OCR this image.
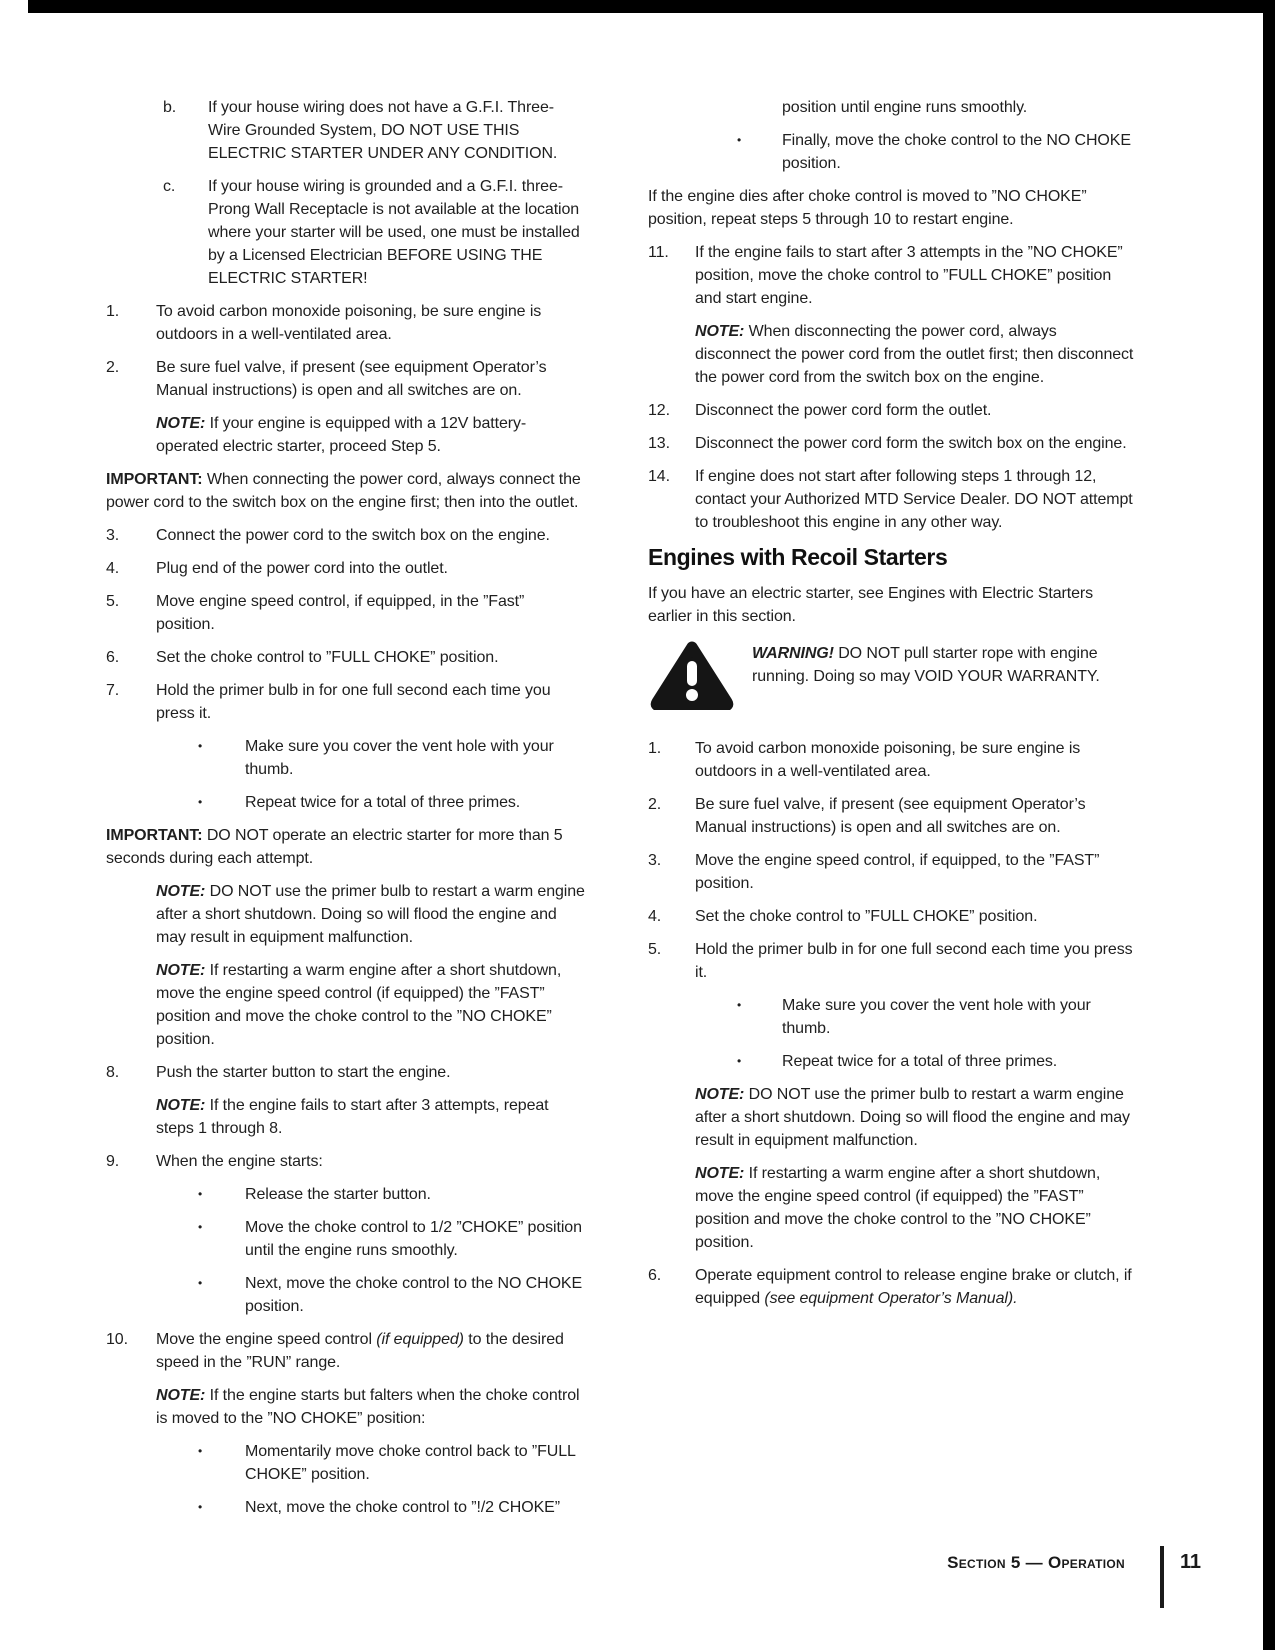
b.	If your house wiring does not have a G.F.I. Three-Wire Grounded System, DO NOT USE THIS ELECTRIC STARTER UNDER ANY CONDITION.
c.	If your house wiring is grounded and a G.F.I. three-Prong Wall Receptacle is not available at the location where your starter will be used, one must be installed by a Licensed Electrician BEFORE USING THE ELECTRIC STARTER!
1.	To avoid carbon monoxide poisoning, be sure engine is outdoors in a well-ventilated area.
2.	Be sure fuel valve, if present (see equipment Operator’s Manual instructions) is open and all switches are on.

NOTE: If your engine is equipped with a 12V battery-operated electric starter, proceed Step 5.

IMPORTANT: When connecting the power cord, always connect the power cord to the switch box on the engine first; then into the outlet.

3.	Connect the power cord to the switch box on the engine.
4.	Plug end of the power cord into the outlet.
5.	Move engine speed control, if equipped, in the ”Fast” position.
6.	Set the choke control to ”FULL CHOKE” position.
7.	Hold the primer bulb in for one full second each time you press it.
•	Make sure you cover the vent hole with your thumb.
•	Repeat twice for a total of three primes.

IMPORTANT: DO NOT operate an electric starter for more than 5 seconds during each attempt.

NOTE: DO NOT use the primer bulb to restart a warm engine after a short shutdown. Doing so will flood the engine and may result in equipment malfunction.

NOTE: If restarting a warm engine after a short shutdown, move the engine speed control (if equipped) the ”FAST” position and move the choke control to the ”NO CHOKE” position.

8.	Push the starter button to start the engine.

NOTE: If the engine fails to start after 3 attempts, repeat steps 1 through 8.

9.	When the engine starts:
•	Release the starter button.
•	Move the choke control to 1/2 ”CHOKE” position until the engine runs smoothly.
•	Next, move the choke control to the NO CHOKE position.
10.	Move the engine speed control (if equipped) to the desired speed in the ”RUN” range.

NOTE: If the engine starts but falters when the choke control is moved to the ”NO CHOKE” position:

•	Momentarily move choke control back to ”FULL CHOKE” position.
•	Next, move the choke control to ”!/2 CHOKE”

position until engine runs smoothly.

•	Finally, move the choke control to the NO CHOKE position.

If the engine dies after choke control is moved to ”NO CHOKE” position, repeat steps 5 through 10 to restart engine.

11.	If the engine fails to start after 3 attempts in the ”NO CHOKE” position, move the choke control to ”FULL CHOKE” position and start engine.

NOTE: When disconnecting the power cord, always disconnect the power cord from the outlet first; then disconnect the power cord from the switch box on the engine.

12.	Disconnect the power cord form the outlet.
13.	Disconnect the power cord form the switch box on the engine.
14.	If engine does not start after following steps 1 through 12, contact your Authorized MTD Service Dealer. DO NOT attempt to troubleshoot this engine in any other way.
Engines with Recoil Starters

If you have an electric starter, see Engines with Electric Starters earlier in this section.

WARNING! DO NOT pull starter rope with engine running. Doing so may VOID YOUR WARRANTY.

1.	To avoid carbon monoxide poisoning, be sure engine is outdoors in a well-ventilated area.
2.	Be sure fuel valve, if present (see equipment Operator’s Manual instructions) is open and all switches are on.
3.	Move the engine speed control, if equipped, to the ”FAST” position.
4.	Set the choke control to ”FULL CHOKE” position.
5.	Hold the primer bulb in for one full second each time you press it.
•	Make sure you cover the vent hole with your thumb.
•	Repeat twice for a total of three primes.

NOTE: DO NOT use the primer bulb to restart a warm engine after a short shutdown. Doing so will flood the engine and may result in equipment malfunction.

NOTE: If restarting a warm engine after a short shutdown, move the engine speed control (if equipped) the ”FAST” position and move the choke control to the ”NO CHOKE” position.

6.	Operate equipment control to release engine brake or clutch, if equipped (see equipment Operator’s Manual).
Section 5 — Operation	11
